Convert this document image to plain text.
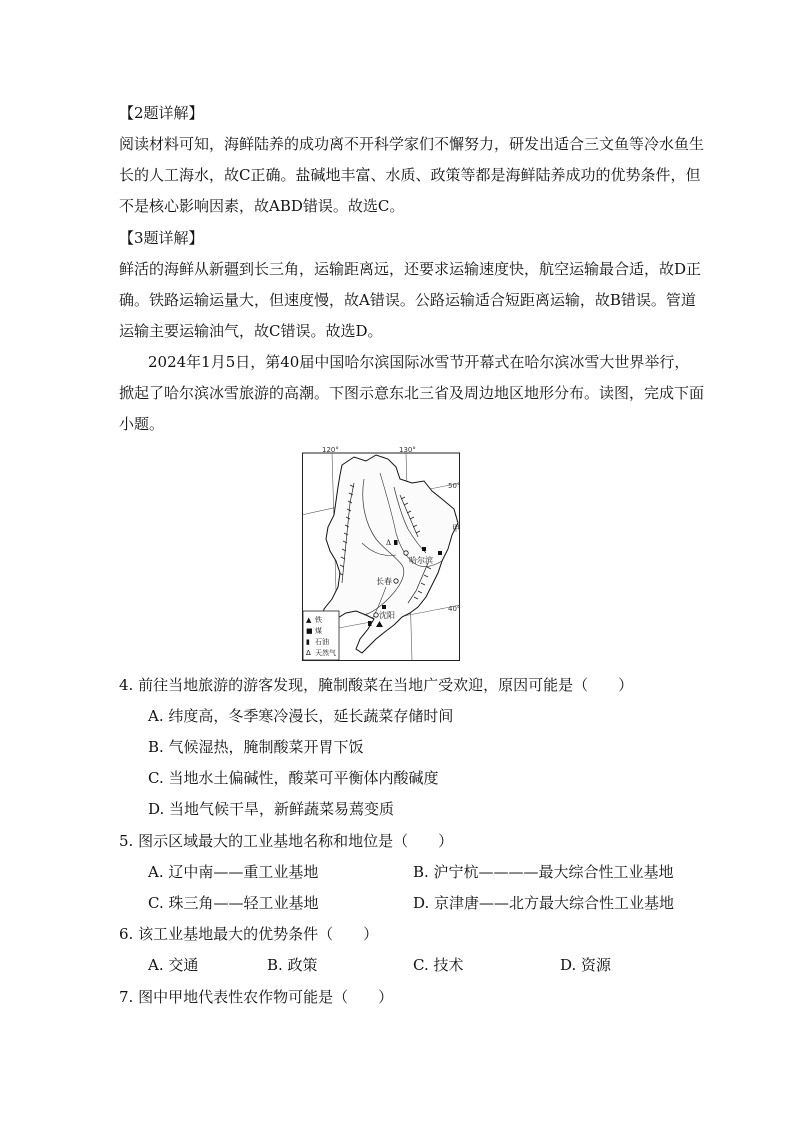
【2题详解】
阅读材料可知，海鲜陆养的成功离不开科学家们不懈努力，研发出适合三文鱼等冷水鱼生
长的人工海水，故C正确。盐碱地丰富、水质、政策等都是海鲜陆养成功的优势条件，但
不是核心影响因素，故ABD错误。故选C。
【3题详解】
鲜活的海鲜从新疆到长三角，运输距离远，还要求运输速度快，航空运输最合适，故D正
确。铁路运输运量大，但速度慢，故A错误。公路运输适合短距离运输，故B错误。管道
运输主要运输油气，故C错误。故选D。
2024年1月5日，第40届中国哈尔滨国际冰雪节开幕式在哈尔滨冰雪大世界举行，
掀起了哈尔滨冰雪旅游的高潮。下图示意东北三省及周边地区地形分布。读图，完成下面
小题。
120°	130°
50°
40°
哈尔滨
长春
沈阳
甲
Δ
▲ 铁
■ 煤
▮ 石油
Δ 天然气
4. 前往当地旅游的游客发现，腌制酸菜在当地广受欢迎，原因可能是（　　）
A. 纬度高，冬季寒冷漫长，延长蔬菜存储时间
B. 气候湿热，腌制酸菜开胃下饭
C. 当地水土偏碱性，酸菜可平衡体内酸碱度
D. 当地气候干旱，新鲜蔬菜易蔫变质
5. 图示区域最大的工业基地名称和地位是（　　）
A. 辽中南——重工业基地	B. 沪宁杭————最大综合性工业基地
C. 珠三角——轻工业基地	D. 京津唐——北方最大综合性工业基地
6. 该工业基地最大的优势条件（　　）
A. 交通	B. 政策	C. 技术	D. 资源
7. 图中甲地代表性农作物可能是（　　）
